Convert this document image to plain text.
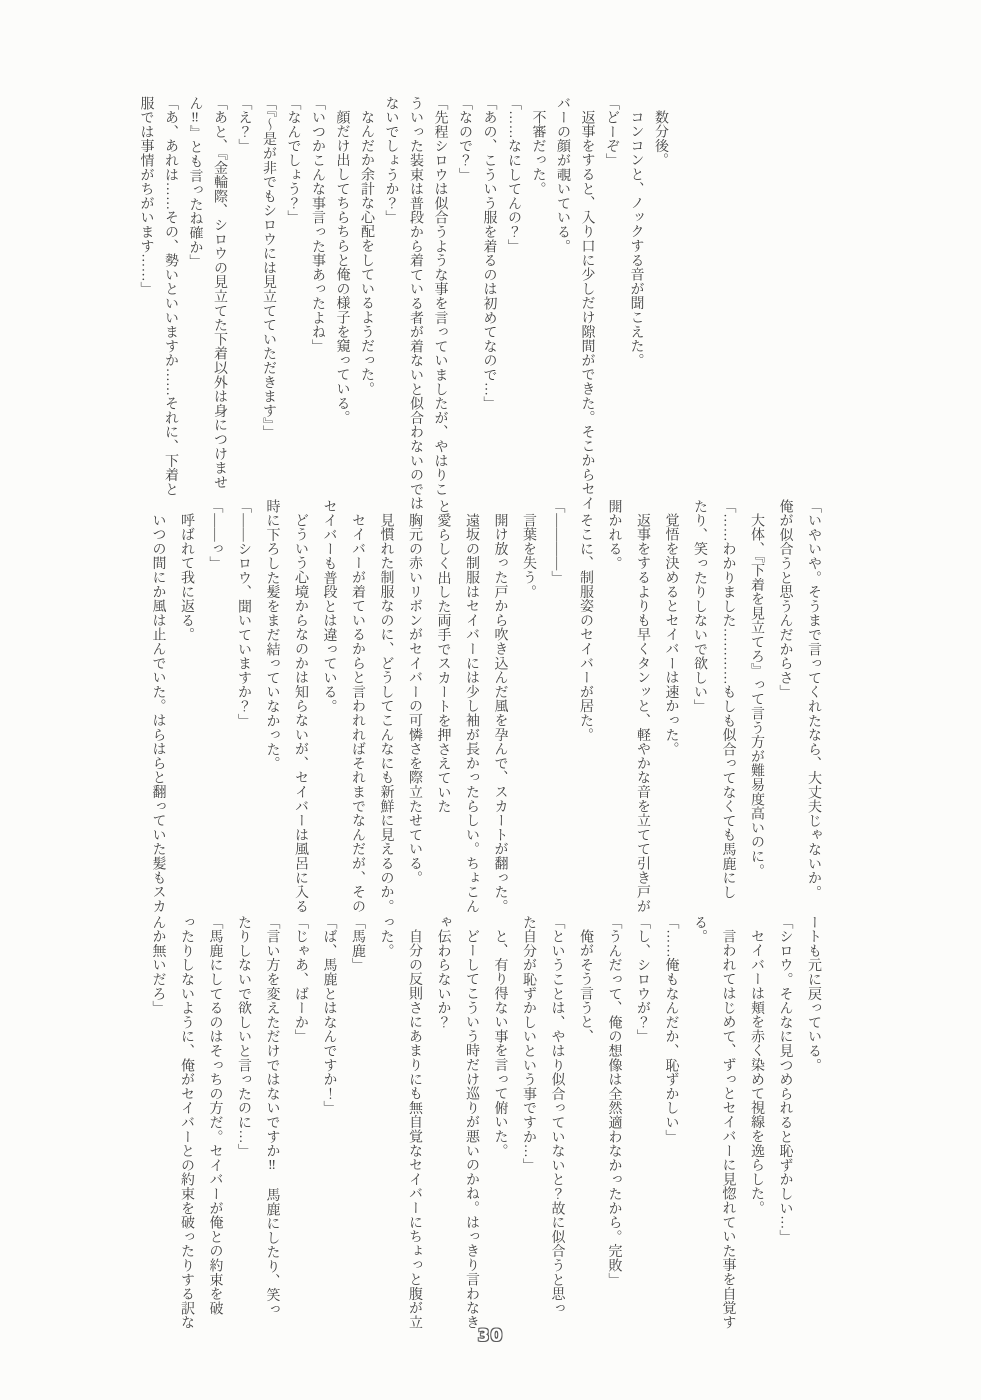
数分後。
コンコンと、ノックする音が聞こえた。
「どーぞ」
返事をすると、入り口に少しだけ隙間ができた。そこからセイ
バーの顔が覗いている。
不審だった。
「……なにしてんの？」
「あの、こういう服を着るのは初めてなので…」
「なので？」
「先程シロウは似合うような事を言っていましたが、やはりこ
ういった装束は普段から着ている者が着ないと似合わないのでは
ないでしょうか？」
なんだか余計な心配をしているようだった。
顔だけ出してちらちらと俺の様子を窺っている。
「いつかこんな事言った事あったよね」
「なんでしょう？」
「『〜是が非でもシロウには見立てていただきます』」
「え？」
「あと、『金輪際、シロウの見立てた下着以外は身につけませ
ん‼』とも言ったね確か」
「あ、あれは……その、勢いといいますか……それに、下着と
服では事情がちがいます……」
「いやいや。そうまで言ってくれたなら、大丈夫じゃないか。
俺が似合うと思うんだからさ」
大体、『下着を見立てろ』って言う方が難易度高いのに。
「……わかりました…………もしも似合ってなくても馬鹿にし
たり、笑ったりしないで欲しい」
覚悟を決めるとセイバーは速かった。
返事をするよりも早くタンッと、軽やかな音を立てて引き戸が
開かれる。
そこに、制服姿のセイバーが居た。
「――――」
言葉を失う。
開け放った戸から吹き込んだ風を孕んで、スカートが翻った。
遠坂の制服はセイバーには少し袖が長かったらしい。ちょこん
と愛らしく出した両手でスカートを押さえていた
胸元の赤いリボンがセイバーの可憐さを際立たせている。
見慣れた制服なのに、どうしてこんなにも新鮮に見えるのか。
セイバーが着ているからと言われればそれまでなんだが、その
セイバーも普段とは違っている。
どういう心境からなのかは知らないが、セイバーは風呂に入る
時に下ろした髪をまだ結っていなかった。
「――シロウ、聞いていますか？」
「――っ」
呼ばれて我に返る。
いつの間にか風は止んでいた。はらはらと翻っていた髪もスカ
ートも元に戻っている。
「シロウ。そんなに見つめられると恥ずかしい…」
セイバーは頬を赤く染めて視線を逸らした。
言われてはじめて、ずっとセイバーに見惚れていた事を自覚す
る。
「……俺もなんだか、恥ずかしい」
「し、シロウが？」
「うんだって、俺の想像は全然適わなかったから。完敗」
俺がそう言うと、
「ということは、やはり似合っていないと？故に似合うと思っ
た自分が恥ずかしいという事ですか…」
と、有り得ない事を言って俯いた。
どーしてこういう時だけ巡りが悪いのかね。はっきり言わなき
ゃ伝わらないか？
自分の反則さにあまりにも無自覚なセイバーにちょっと腹が立
った。
「馬鹿」
「ば、馬鹿とはなんですか！」
「じゃあ、ばーか」
「言い方を変えただけではないですか‼　馬鹿にしたり、笑っ
たりしないで欲しいと言ったのに…」
「馬鹿にしてるのはそっちの方だ。セイバーが俺との約束を破
ったりしないように、俺がセイバーとの約束を破ったりする訳な
んか無いだろ」
30
